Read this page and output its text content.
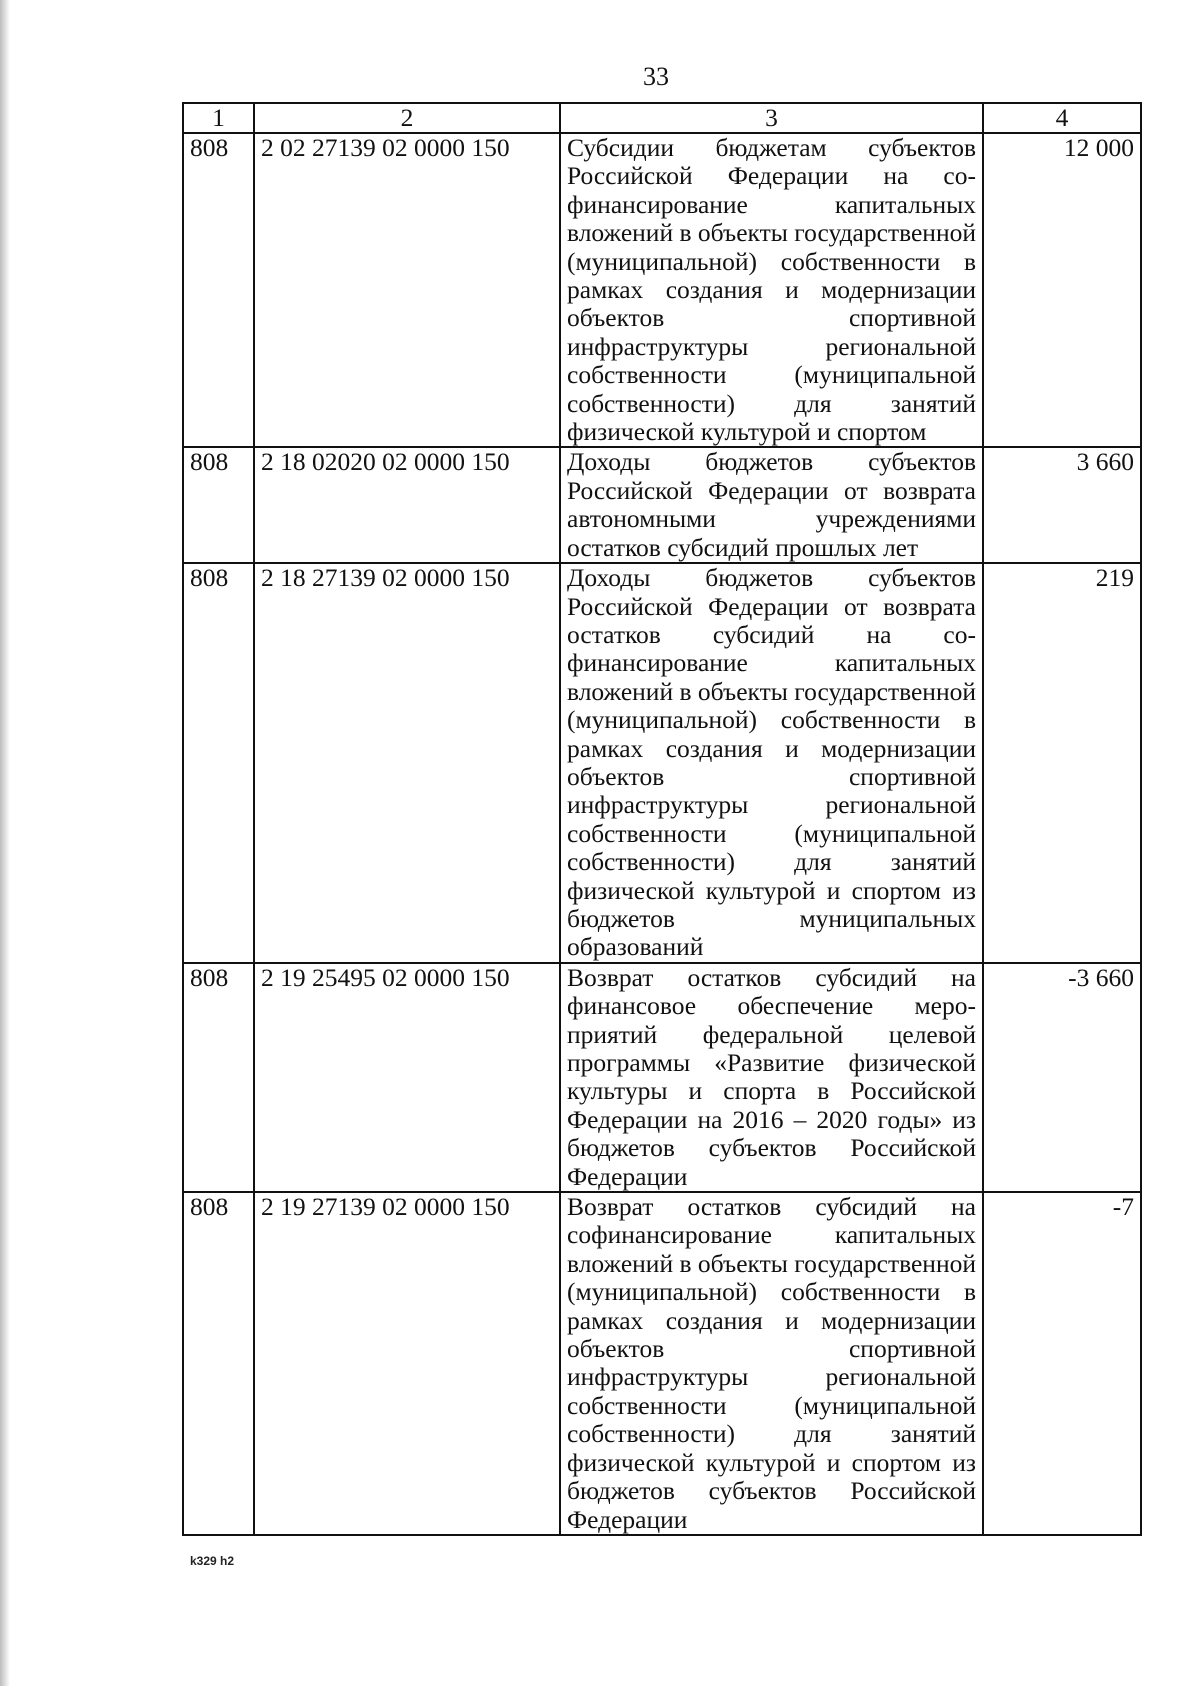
33
1	2	3	4
808	2 02 27139 02 0000 150	Субсидии бюджетам субъектов Российской Федерации на софинансирование капитальных вложений в объекты государственной (муниципальной) собственности в рамках создания и модернизации объектов спортивной инфраструктуры региональной собственности (муниципальной собственности) для занятий физической культурой и спортом	12 000
808	2 18 02020 02 0000 150	Доходы бюджетов субъектов Российской Федерации от возврата автономными учреждениями остатков субсидий прошлых лет	3 660
808	2 18 27139 02 0000 150	Доходы бюджетов субъектов Российской Федерации от возврата остатков субсидий на софинансирование капитальных вложений в объекты государственной (муниципальной) собственности в рамках создания и модернизации объектов спортивной инфраструктуры региональной собственности (муниципальной собственности) для занятий физической культурой и спортом из бюджетов муниципальных образований	219
808	2 19 25495 02 0000 150	Возврат остатков субсидий на финансовое обеспечение мероприятий федеральной целевой программы «Развитие физической культуры и спорта в Российской Федерации на 2016 – 2020 годы» из бюджетов субъектов Российской Федерации	-3 660
808	2 19 27139 02 0000 150	Возврат остатков субсидий на софинансирование капитальных вложений в объекты государственной (муниципальной) собственности в рамках создания и модернизации объектов спортивной инфраструктуры региональной собственности (муниципальной собственности) для занятий физической культурой и спортом из бюджетов субъектов Российской Федерации	-7
k329 h2
